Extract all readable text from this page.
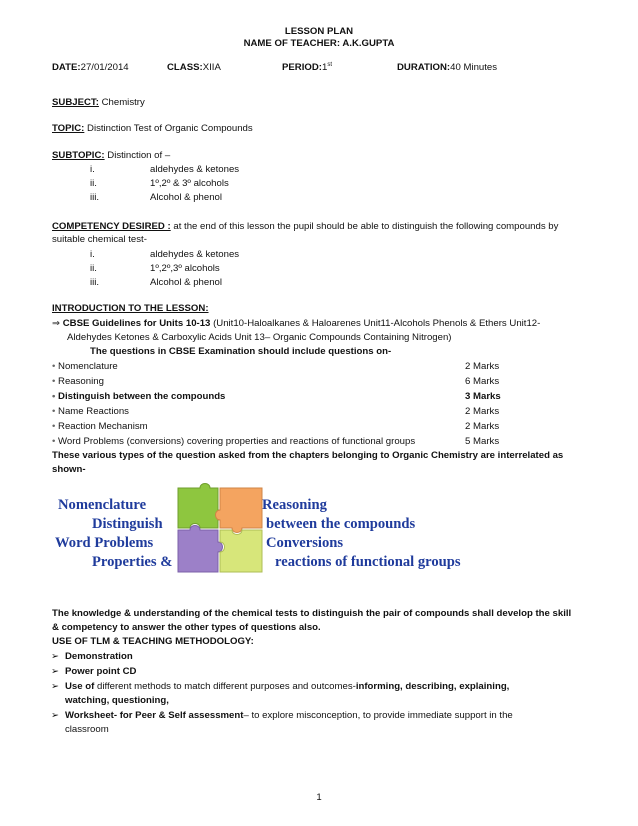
LESSON PLAN
NAME OF TEACHER: A.K.GUPTA
DATE:27/01/2014	CLASS:XIIA	PERIOD:1st	DURATION:40 Minutes
SUBJECT: Chemistry
TOPIC: Distinction Test of Organic Compounds
SUBTOPIC: Distinction of –
i.	aldehydes & ketones
ii.	1º,2º & 3º alcohols
iii.	Alcohol & phenol
COMPETENCY DESIRED : at the end of this lesson the pupil should be able to distinguish the following compounds by
suitable chemical test-
i.	aldehydes & ketones
ii.	1º,2º,3º alcohols
iii.	Alcohol & phenol
INTRODUCTION TO THE LESSON:
⇒ CBSE Guidelines for Units 10-13 (Unit10-Haloalkanes & Haloarenes Unit11-Alcohols Phenols & Ethers Unit12-
Aldehydes Ketones & Carboxylic Acids Unit 13– Organic Compounds Containing Nitrogen)
The questions in CBSE Examination should include questions on-
• Nomenclature	2 Marks
• Reasoning	6 Marks
• Distinguish between the compounds	3 Marks
• Name Reactions	2 Marks
• Reaction Mechanism	2 Marks
• Word Problems (conversions) covering properties and reactions of functional groups	5 Marks
These various types of the question asked from the chapters belonging to Organic Chemistry are interrelated as
shown-
Nomenclature
Distinguish
Word Problems
Properties &
Reasoning
between the compounds
Conversions
reactions of functional groups
The knowledge & understanding of the chemical tests to distinguish the pair of compounds shall develop the skill
& competency to answer the other types of questions also.
USE OF TLM & TEACHING METHODOLOGY:
➢ Demonstration
➢ Power point CD
➢ Use of different methods to match different purposes and outcomes-informing, describing, explaining,
watching, questioning,
➢ Worksheet- for Peer & Self assessment– to explore misconception, to provide immediate support in the
classroom
1
